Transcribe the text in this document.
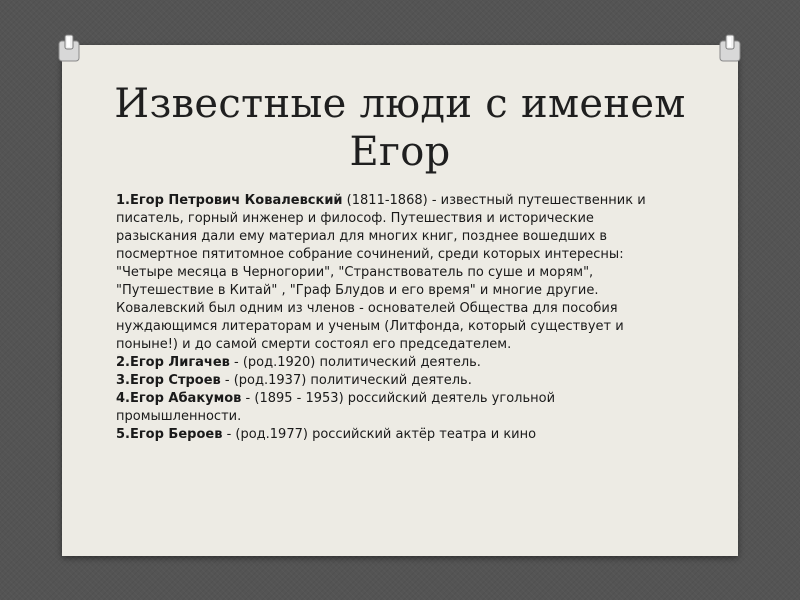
Известные люди с именем
Егор

1.Егор Петрович Ковалевский (1811-1868) - известный путешественник и писатель, горный инженер и философ. Путешествия и исторические разыскания дали ему материал для многих книг, позднее вошедших в посмертное пятитомное собрание сочинений, среди которых интересны: "Четыре месяца в Черногории", "Странствователь по суше и морям", "Путешествие в Китай" , "Граф Блудов и его время" и многие другие. Ковалевский был одним из членов - основателей Общества для пособия нуждающимся литераторам и ученым (Литфонда, который существует и поныне!) и до самой смерти состоял его председателем.

2.Егор Лигачев - (род.1920) политический деятель.

3.Егор Строев - (род.1937) политический деятель.

4.Егор Абакумов - (1895 - 1953) российский деятель угольной промышленности.

5.Егор Бероев - (род.1977) российский актёр театра и кино
